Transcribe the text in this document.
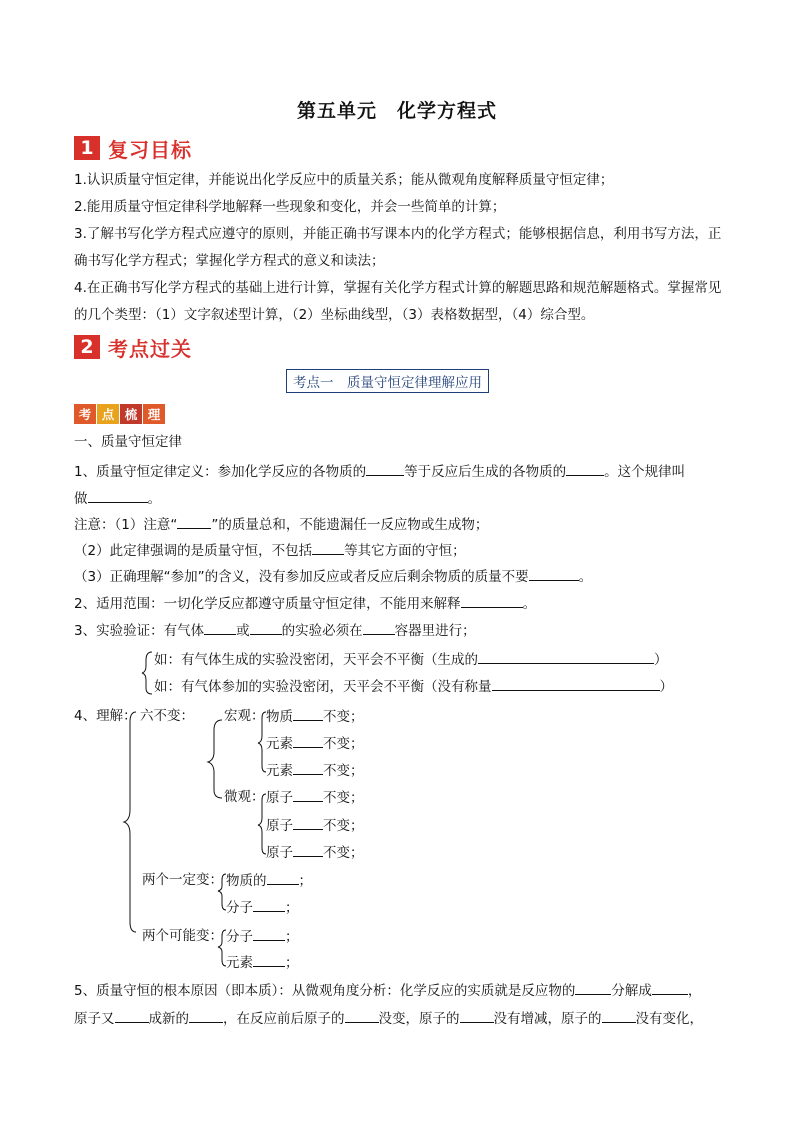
第五单元　化学方程式
1 复习目标
1.认识质量守恒定律，并能说出化学反应中的质量关系；能从微观角度解释质量守恒定律；
2.能用质量守恒定律科学地解释一些现象和变化，并会一些简单的计算；
3.了解书写化学方程式应遵守的原则，并能正确书写课本内的化学方程式；能够根据信息，利用书写方法，正确书写化学方程式；掌握化学方程式的意义和读法；
4.在正确书写化学方程式的基础上进行计算，掌握有关化学方程式计算的解题思路和规范解题格式。掌握常见的几个类型：（1）文字叙述型计算，（2）坐标曲线型，（3）表格数据型，（4）综合型。
2 考点过关
考点一　质量守恒定律理解应用
考 点 梳 理
一、质量守恒定律
1、质量守恒定律定义：参加化学反应的各物质的	等于反应后生成的各物质的	。这个规律叫
做	。
注意：（1）注意“	”的质量总和，不能遗漏任一反应物或生成物；
（2）此定律强调的是质量守恒，不包括 等其它方面的守恒；
（3）正确理解“参加”的含义，没有参加反应或者反应后剩余物质的质量不要	。
2、适用范围：一切化学反应都遵守质量守恒定律，不能用来解释	。
3、实验验证：有气体 或 的实验必须在 容器里进行；
如：有气体生成的实验没密闭，天平会不平衡（生成的	）
如：有气体参加的实验没密闭，天平会不平衡（没有称量	）
4、理解： 六不变： 宏观： 物质 不变；
元素 不变；
元素 不变；
微观： 原子 不变；
原子 不变；
原子 不变；
两个一定变： 物质的 ；
分子 ；
两个可能变： 分子 ；
元素 ；
5、质量守恒的根本原因（即本质）：从微观角度分析：化学反应的实质就是反应物的	分解成	，
原子又	成新的	，在反应前后原子的	没变，原子的	没有增减，原子的	没有变化，
